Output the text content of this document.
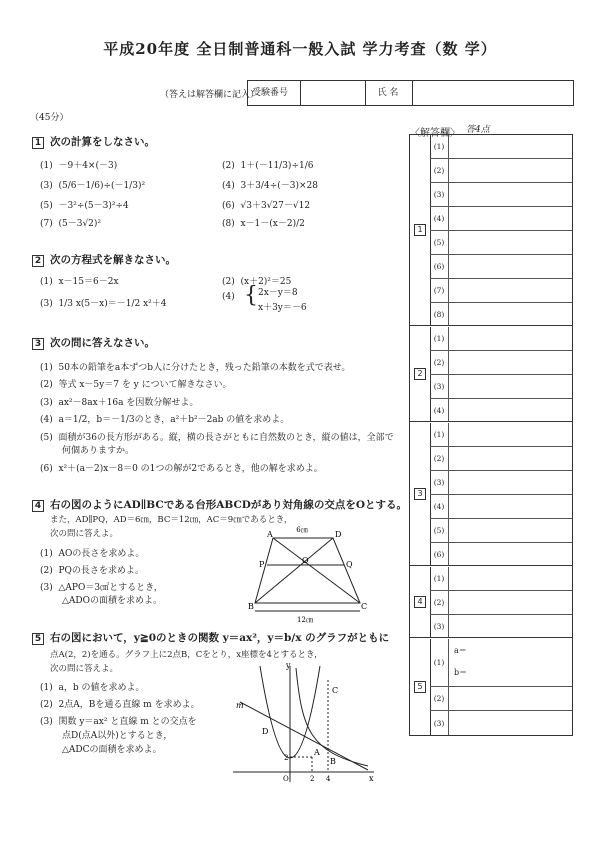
平成20年度 全日制普通科一般入試 学力考査（数 学）
（答えは解答欄に記入）
受験番号	氏 名
（45分）
〈解答欄〉 答4点
1 次の計算をしなさい。
(1) －9＋4×(－3)	(2) 1＋(－11/3)÷1/6
(3) (5/6－1/6)÷(－1/3)²	(4) 3＋3/4÷(－3)×28
(5) －3²÷(5－3)²÷4	(6) √3＋3√27－√12
(7) (5－3√2)²	(8) x－1－(x－2)/2
2 次の方程式を解きなさい。
(1) x－15＝6－2x	(2) (x＋2)²＝25
(3) 1/3 x(5－x)＝－1/2 x²＋4
(4) { 2x－y＝8
x＋3y＝－6
3 次の問に答えなさい。
(1) 50本の鉛筆をa本ずつb人に分けたとき，残った鉛筆の本数を式で表せ。
(2) 等式 x－5y＝7 を y について解きなさい。
(3) ax²－8ax＋16a を因数分解せよ。
(4) a＝1/2，b＝－1/3のとき，a²＋b²－2ab の値を求めよ。
(5) 面積が36の長方形がある。縦，横の長さがともに自然数のとき，縦の値は，全部で
何個ありますか。
(6) x²＋(a－2)x－8＝0 の1つの解が2であるとき，他の解を求めよ。
4 右の図のようにAD∥BCである台形ABCDがあり対角線の交点をOとする。
また，AD∥PQ，AD＝6㎝，BC＝12㎝，AC＝9㎝であるとき，
次の問に答えよ。
(1) AOの長さを求めよ。
(2) PQの長さを求めよ。
(3) △APO＝3㎠とするとき，
△ADOの面積を求めよ。
6㎝
A	D
P	Q
O
B	C
12㎝
5 右の図において，y≧0のときの関数 y＝ax²，y＝b/x のグラフがともに
点A(2，2)を通る。グラフ上に2点B，Cをとり，x座標を4とするとき，
次の問に答えよ。
(1) a，b の値を求めよ。
(2) 2点A，Bを通る直線 m を求めよ。
(3) 関数 y＝ax² と直線 m との交点を
点D(点A以外)とするとき，
△ADCの面積を求めよ。
y
x
m
C
D
A
B
2
O	2 4
1
(1)
(2)
(3)
(4)
(5)
(6)
(7)
(8)
2
(1)
(2)
(3)
(4)
3
(1)
(2)
(3)
(4)
(5)
(6)
4
(1)
(2)
(3)
5
(1)
a＝
b＝
(2)
(3)
